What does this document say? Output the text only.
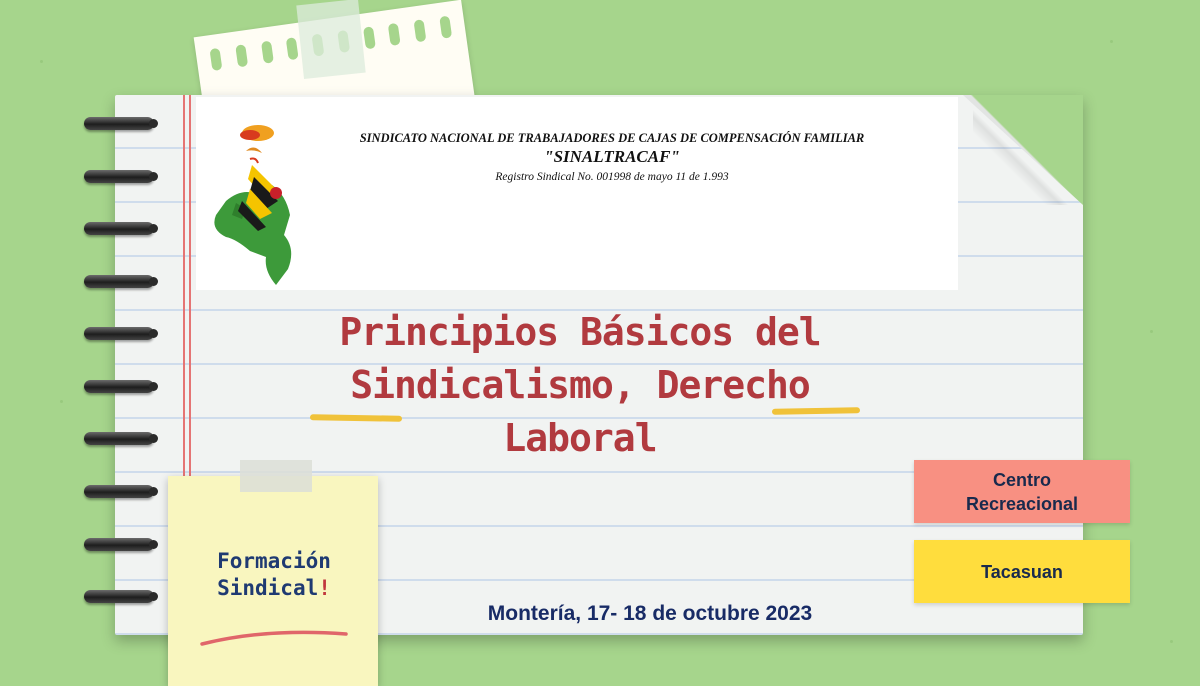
SINDICATO NACIONAL DE TRABAJADORES DE CAJAS DE COMPENSACIÓN FAMILIAR
"SINALTRACAF"
Registro Sindical No. 001998 de mayo 11 de 1.993
Principios Básicos del
Sindicalismo, Derecho
Laboral
Formación
Sindical!
Montería, 17- 18 de octubre 2023
Centro
Recreacional
Tacasuan
